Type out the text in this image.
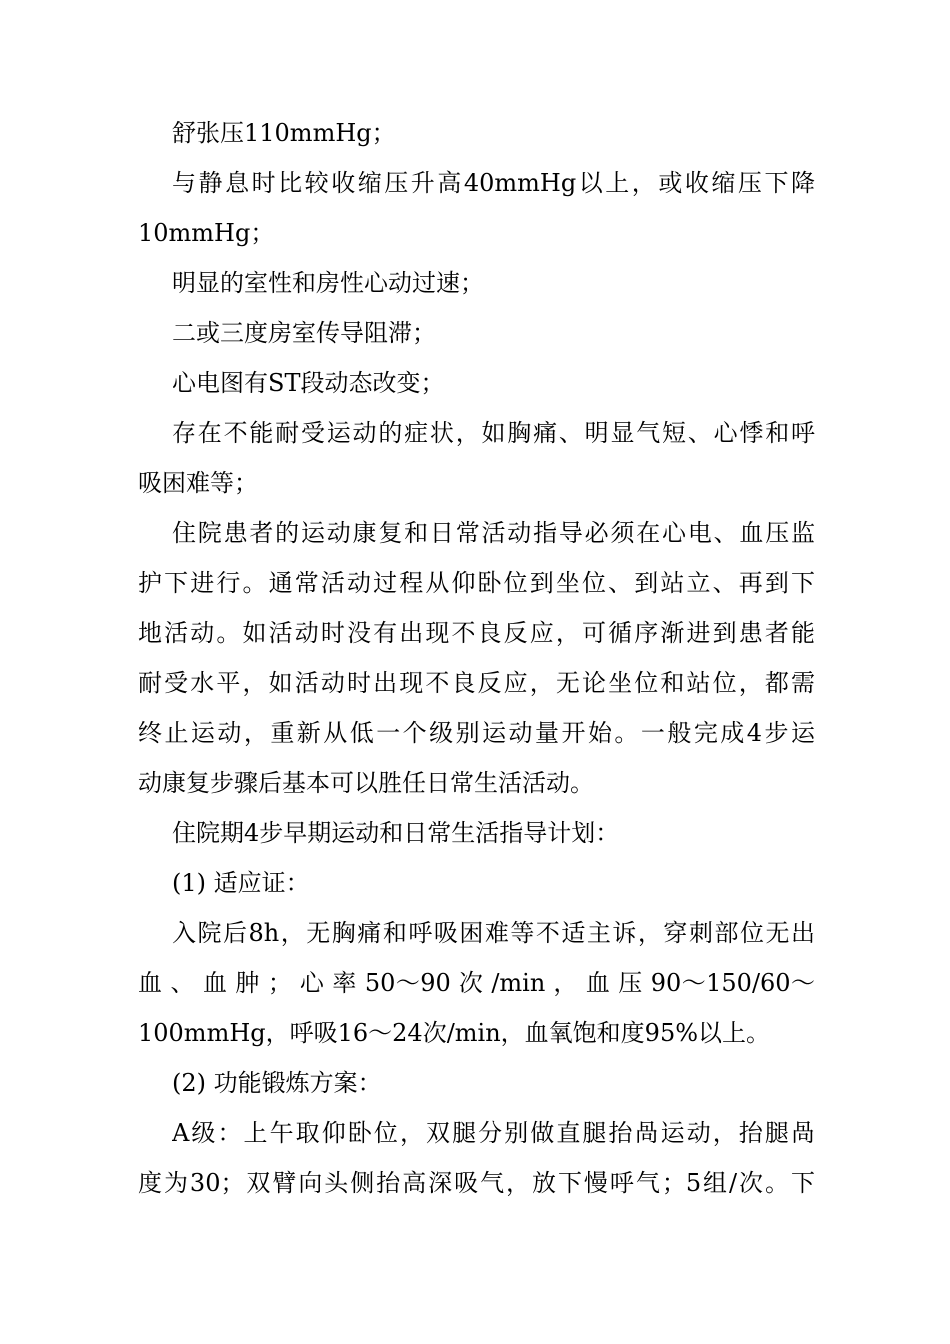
舒张压110mmHg；
与静息时比较收缩压升高40mmHg以上，或收缩压下降
10mmHg；
明显的室性和房性心动过速；
二或三度房室传导阻滞；
心电图有ST段动态改变；
存在不能耐受运动的症状，如胸痛、明显气短、心悸和呼
吸困难等；
住院患者的运动康复和日常活动指导必须在心电、血压监
护下进行。通常活动过程从仰卧位到坐位、到站立、再到下
地活动。如活动时没有出现不良反应，可循序渐进到患者能
耐受水平，如活动时出现不良反应，无论坐位和站位，都需
终止运动，重新从低一个级别运动量开始。一般完成4步运
动康复步骤后基本可以胜任日常生活活动。
住院期4步早期运动和日常生活指导计划：
(1) 适应证：
入院后8h，无胸痛和呼吸困难等不适主诉，穿刺部位无出
血 、 血 肿 ； 心 率 50～90 次 /min ， 血 压 90～150/60～
100mmHg，呼吸16～24次/min，血氧饱和度95%以上。
(2) 功能锻炼方案：
A级：上午取仰卧位，双腿分别做直腿抬咼运动，抬腿咼
度为30；双臂向头侧抬高深吸气，放下慢呼气；5组/次。下
